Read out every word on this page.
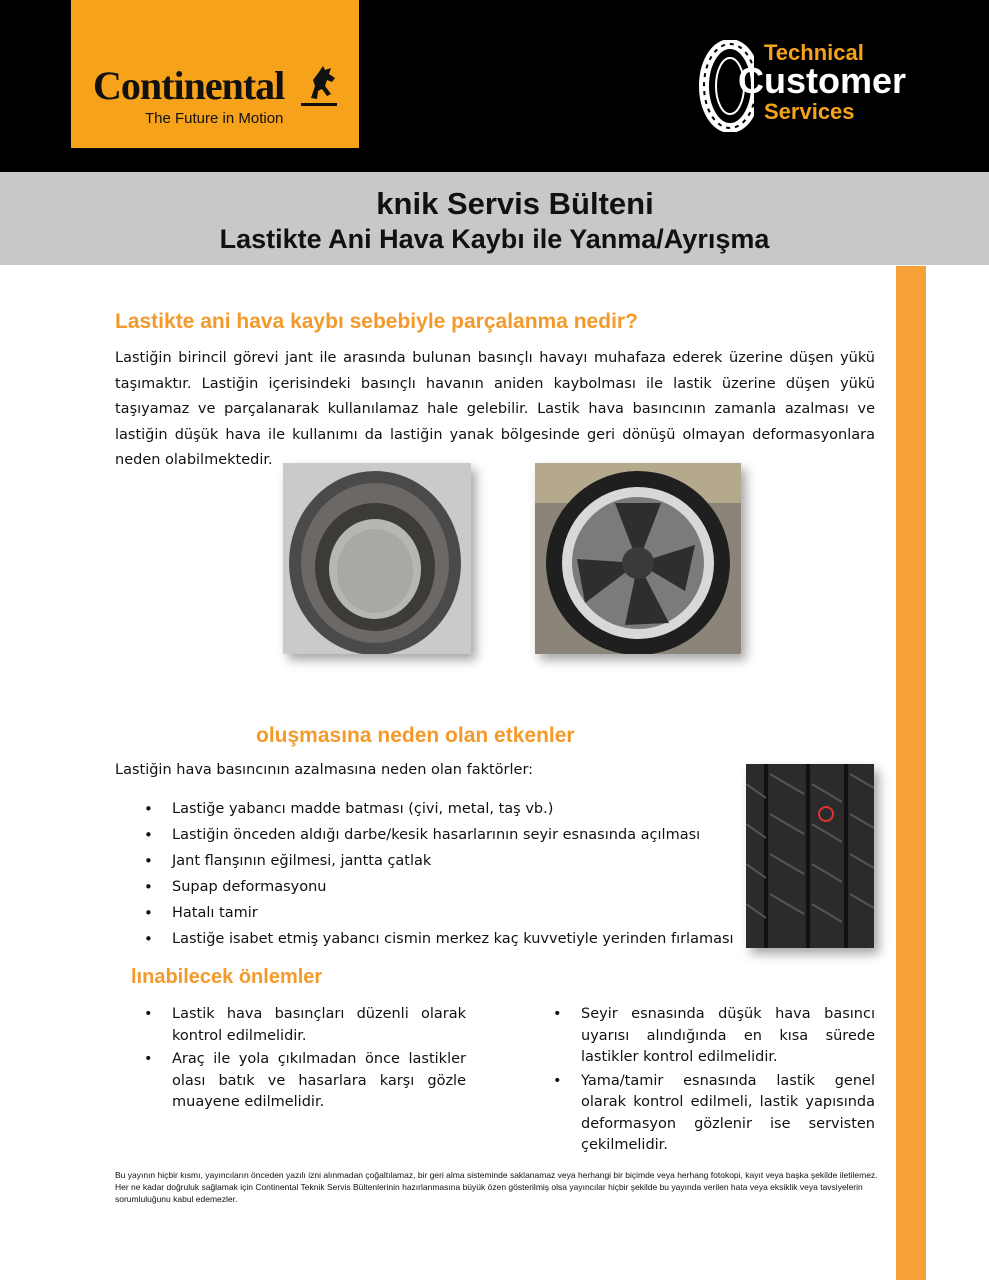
Continental
The Future in Motion
Technical
Customer
Services
knik Servis Bülteni
Lastikte Ani Hava Kaybı ile Yanma/Ayrışma
Lastikte ani hava kaybı sebebiyle parçalanma nedir?
Lastiğin birincil görevi jant ile arasında bulunan basınçlı havayı muhafaza ederek üzerine düşen yükü taşımaktır. Lastiğin içerisindeki basınçlı havanın aniden kaybolması ile lastik üzerine düşen yükü taşıyamaz ve parçalanarak kullanılamaz hale gelebilir. Lastik hava basıncının zamanla azalması ve lastiğin düşük hava ile kullanımı da lastiğin yanak bölgesinde geri dönüşü olmayan deformasyonlara neden olabilmektedir.
oluşmasına neden olan etkenler
Lastiğin hava basıncının azalmasına neden olan faktörler:
• Lastiğe yabancı madde batması (çivi, metal, taş vb.)
• Lastiğin önceden aldığı darbe/kesik hasarlarının seyir esnasında açılması
• Jant flanşının eğilmesi, jantta çatlak
• Supap deformasyonu
• Hatalı tamir
• Lastiğe isabet etmiş yabancı cismin merkez kaç kuvvetiyle yerinden fırlaması
lınabilecek önlemler
• Lastik hava basınçları düzenli olarak kontrol edilmelidir.
• Araç ile yola çıkılmadan önce lastikler olası batık ve hasarlara karşı gözle muayene edilmelidir.
• Seyir esnasında düşük hava basıncı uyarısı alındığında en kısa sürede lastikler kontrol edilmelidir.
• Yama/tamir esnasında lastik genel olarak kontrol edilmeli, lastik yapısında deformasyon gözlenir ise servisten çekilmelidir.
Bu yayının hiçbir kısmı, yayıncıların önceden yazılı izni alınmadan çoğaltılamaz, bir geri alma sisteminde saklanamaz veya herhangi bir biçimde veya herhang fotokopi, kayıt veya başka şekilde iletilemez. Her ne kadar doğruluk sağlamak için Continental Teknik Servis Bültenlerinin hazırlanmasına büyük özen gösterilmiş olsa yayıncılar hiçbir şekilde bu yayında verilen hata veya eksiklik veya tavsiyelerin sorumluluğunu kabul edemezler.
